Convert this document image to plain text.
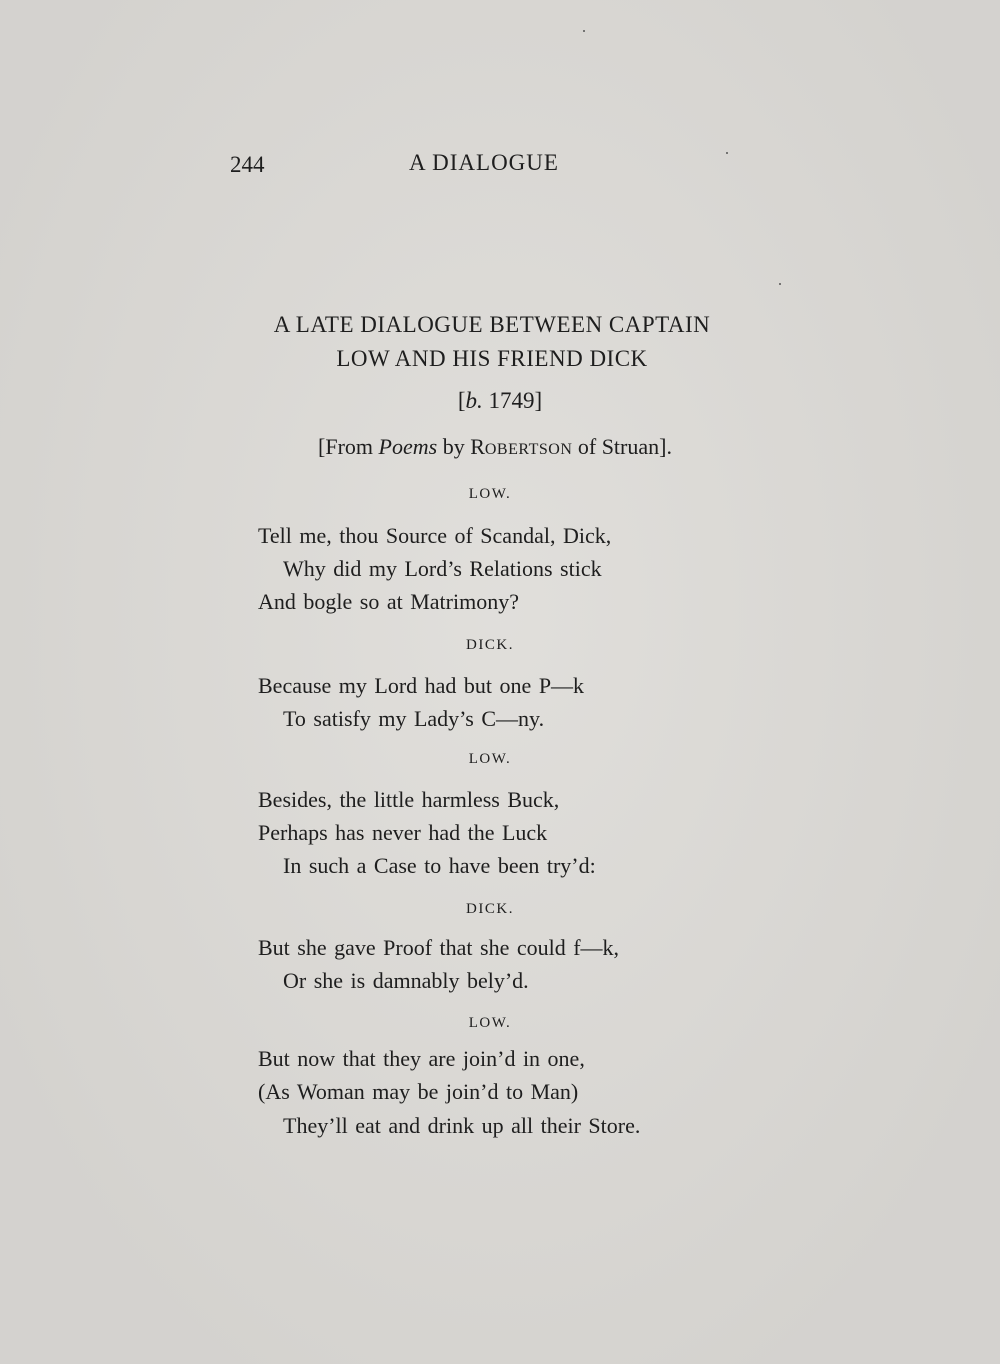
244	A DIALOGUE
A LATE DIALOGUE BETWEEN CAPTAIN
LOW AND HIS FRIEND DICK
[b. 1749]
[From Poems by ROBERTSON of Struan].
LOW.
Tell me, thou Source of Scandal, Dick,
Why did my Lord’s Relations stick
And bogle so at Matrimony?
DICK.
Because my Lord had but one P—k
To satisfy my Lady’s C—ny.
LOW.
Besides, the little harmless Buck,
Perhaps has never had the Luck
In such a Case to have been try’d:
DICK.
But she gave Proof that she could f—k,
Or she is damnably bely’d.
LOW.
But now that they are join’d in one,
(As Woman may be join’d to Man)
They’ll eat and drink up all their Store.
